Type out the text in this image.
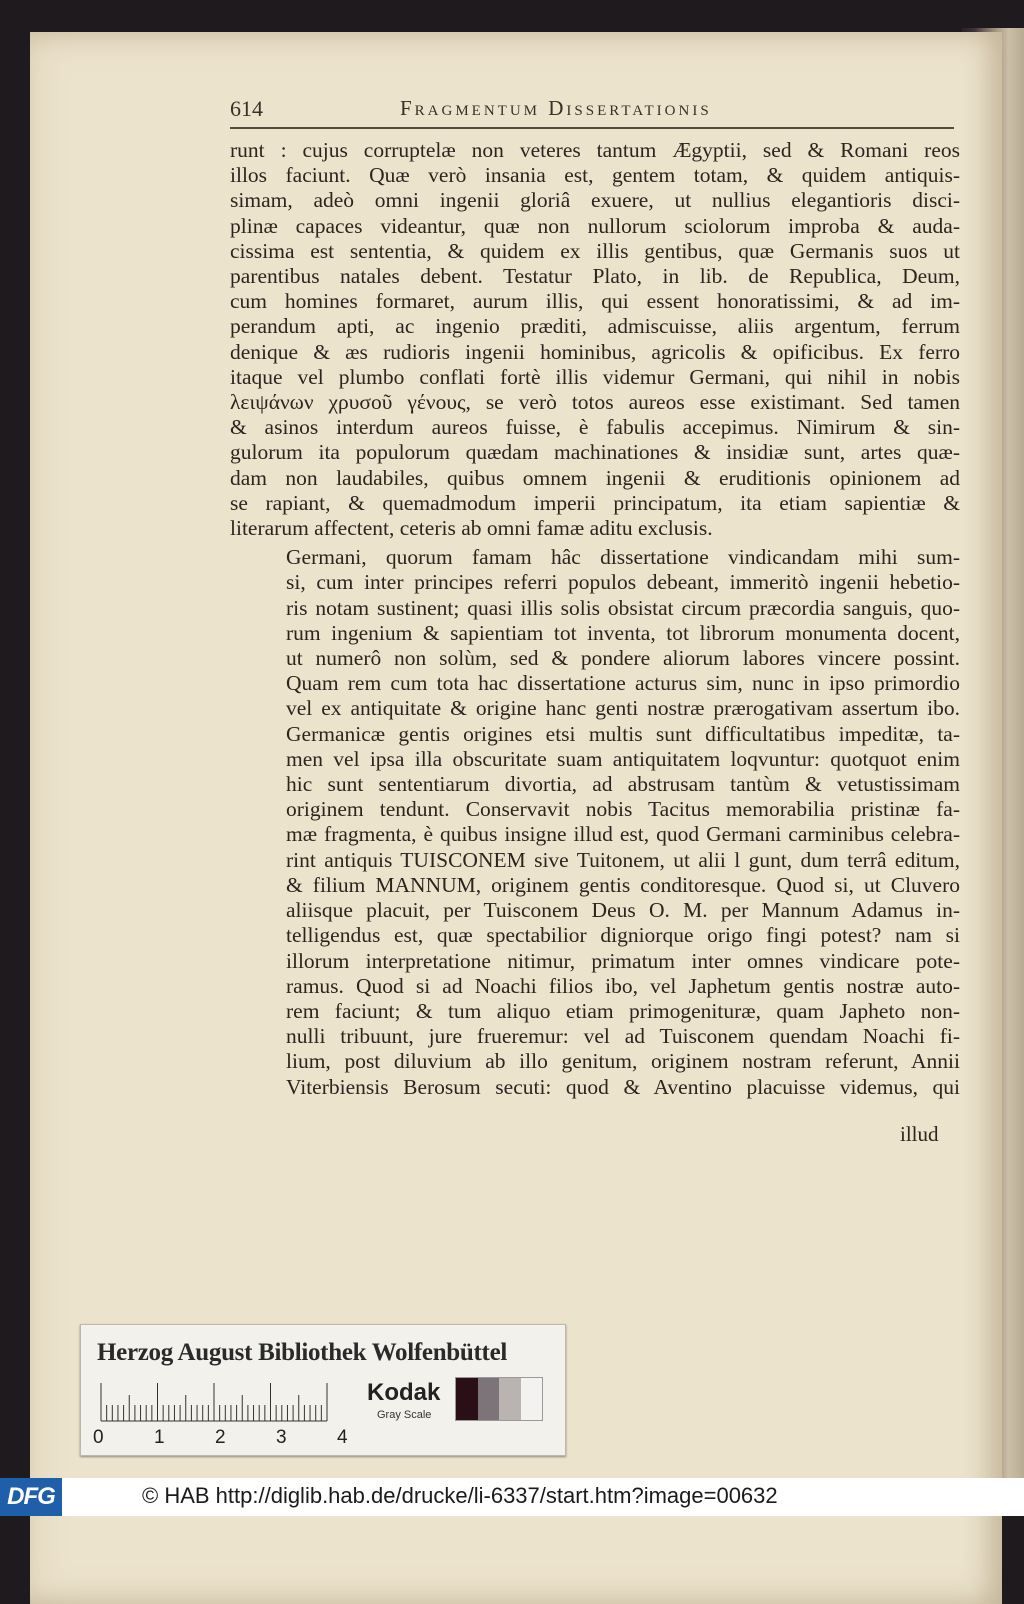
614	Fragmentum Dissertationis

runt : cujus corruptelæ non veteres tantum Ægyptii, sed & Romani reos
illos faciunt. Quæ verò insania est, gentem totam, & quidem antiquis-
simam, adeò omni ingenii gloriâ exuere, ut nullius elegantioris disci-
plinæ capaces videantur, quæ non nullorum sciolorum improba & auda-
cissima est sententia, & quidem ex illis gentibus, quæ Germanis suos ut
parentibus natales debent. Testatur Plato, in lib. de Republica, Deum,
cum homines formaret, aurum illis, qui essent honoratissimi, & ad im-
perandum apti, ac ingenio præditi, admiscuisse, aliis argentum, ferrum
denique & æs rudioris ingenii hominibus, agricolis & opificibus. Ex ferro
itaque vel plumbo conflati fortè illis videmur Germani, qui nihil in nobis
λειψάνων χρυσοῦ γένους, se verò totos aureos esse existimant. Sed tamen
& asinos interdum aureos fuisse, è fabulis accepimus. Nimirum & sin-
gulorum ita populorum quædam machinationes & insidiæ sunt, artes quæ-
dam non laudabiles, quibus omnem ingenii & eruditionis opinionem ad
se rapiant, & quemadmodum imperii principatum, ita etiam sapientiæ &
literarum affectent, ceteris ab omni famæ aditu exclusis.

Germani, quorum famam hâc dissertatione vindicandam mihi sum-
si, cum inter principes referri populos debeant, immeritò ingenii hebetio-
ris notam sustinent; quasi illis solis obsistat circum præcordia sanguis, quo-
rum ingenium & sapientiam tot inventa, tot librorum monumenta docent,
ut numerô non solùm, sed & pondere aliorum labores vincere possint.
Quam rem cum tota hac dissertatione acturus sim, nunc in ipso primordio
vel ex antiquitate & origine hanc genti nostræ prærogativam assertum ibo.
Germanicæ gentis origines etsi multis sunt difficultatibus impeditæ, ta-
men vel ipsa illa obscuritate suam antiquitatem loqvuntur: quotquot enim
hic sunt sententiarum divortia, ad abstrusam tantùm & vetustissimam
originem tendunt. Conservavit nobis Tacitus memorabilia pristinæ fa-
mæ fragmenta, è quibus insigne illud est, quod Germani carminibus celebra-
rint antiquis TUISCONEM sive Tuitonem, ut alii l gunt, dum terrâ editum,
& filium MANNUM, originem gentis conditoresque. Quod si, ut Cluvero
aliisque placuit, per Tuisconem Deus O. M. per Mannum Adamus in-
telligendus est, quæ spectabilior digniorque origo fingi potest? nam si
illorum interpretatione nitimur, primatum inter omnes vindicare pote-
ramus. Quod si ad Noachi filios ibo, vel Japhetum gentis nostræ auto-
rem faciunt; & tum aliquo etiam primogenituræ, quam Japheto non-
nulli tribuunt, jure frueremur: vel ad Tuisconem quendam Noachi fi-
lium, post diluvium ab illo genitum, originem nostram referunt, Annii
Viterbiensis Berosum secuti: quod & Aventino placuisse videmus, qui

illud
Herzog August Bibliothek Wolfenbüttel
0	1	2	3	4
Kodak
Gray Scale
DFG	© HAB http://diglib.hab.de/drucke/li-6337/start.htm?image=00632
